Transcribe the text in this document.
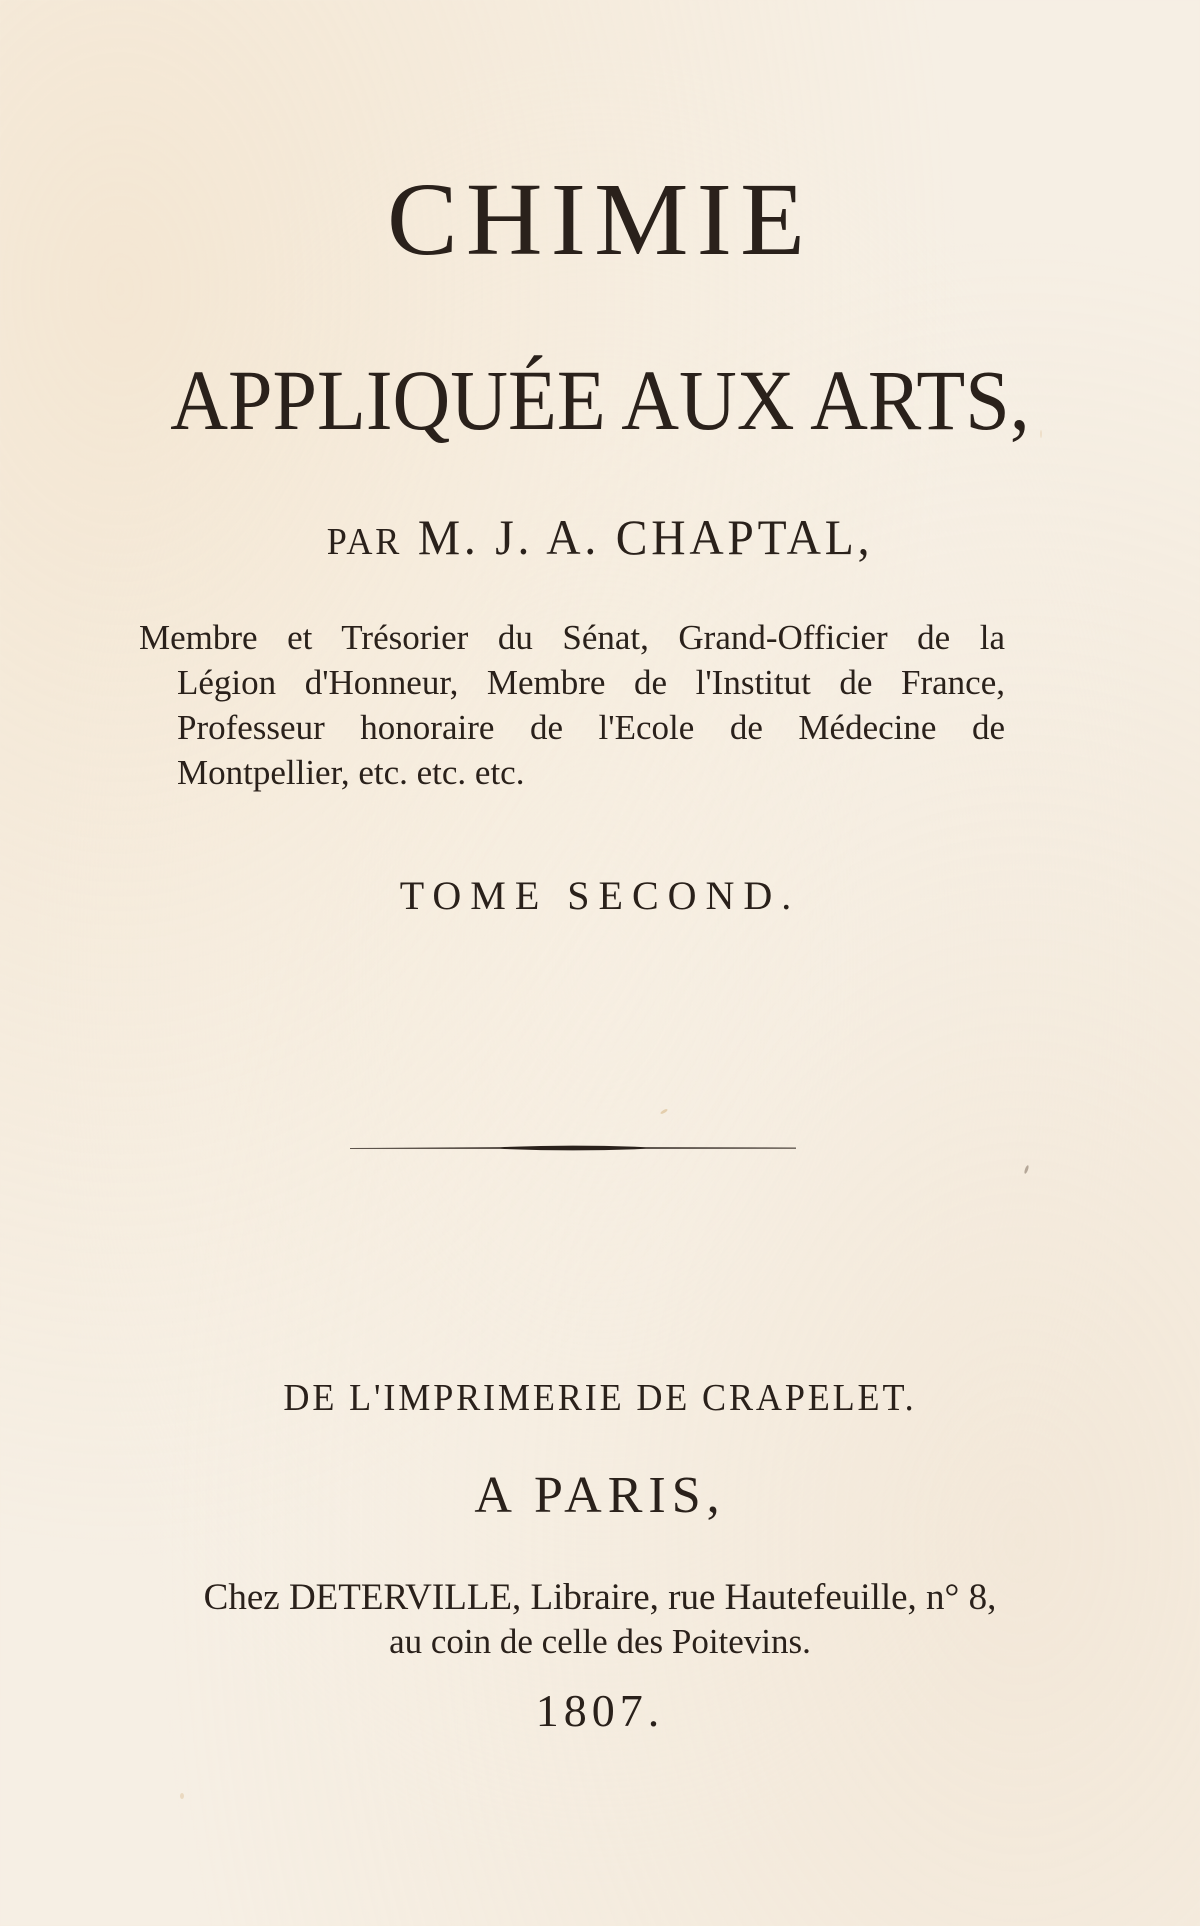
CHIMIE
APPLIQUÉE AUX ARTS,
PAR M. J. A. CHAPTAL,
Membre et Trésorier du Sénat, Grand-Officier de la
Légion d'Honneur, Membre de l'Institut de France,
Professeur honoraire de l'Ecole de Médecine de
Montpellier, etc. etc. etc.
TOME SECOND.
DE L'IMPRIMERIE DE CRAPELET.
A PARIS,
Chez DETERVILLE, Libraire, rue Hautefeuille, n° 8,
au coin de celle des Poitevins.
1807.
